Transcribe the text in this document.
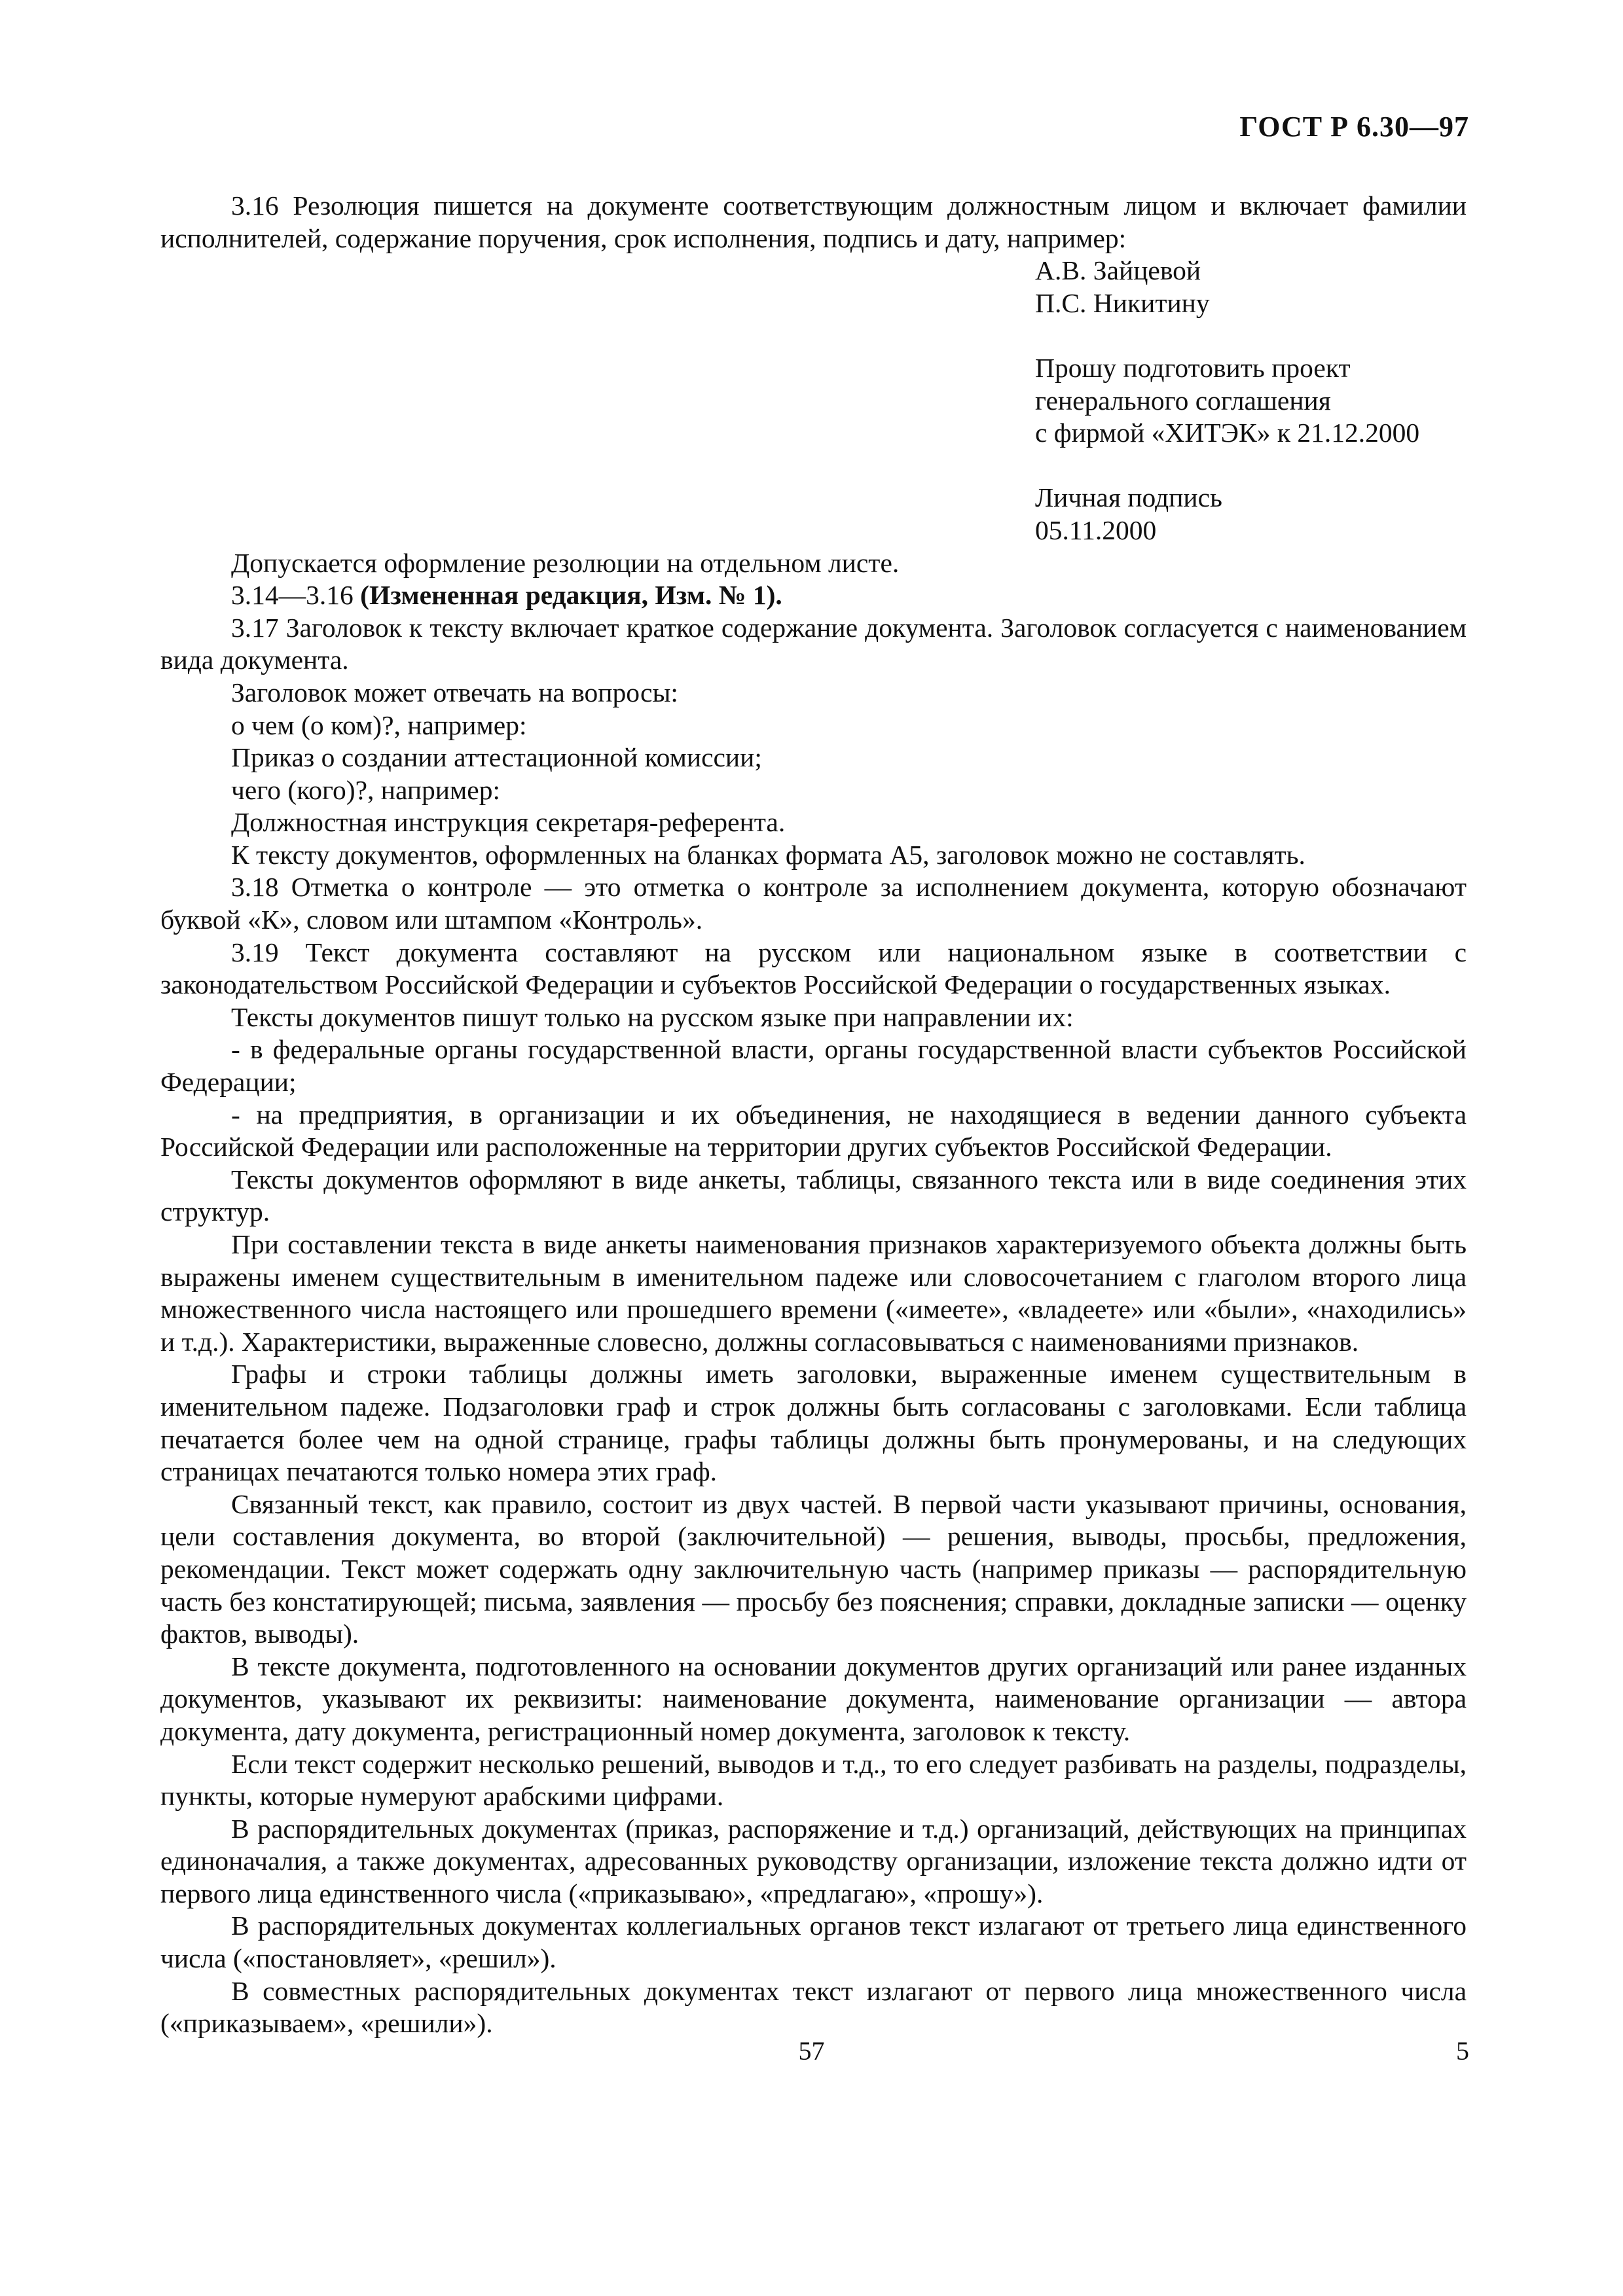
ГОСТ Р 6.30—97

3.16 Резолюция пишется на документе соответствующим должностным лицом и включает фамилии исполнителей, содержание поручения, срок исполнения, подпись и дату, например:

А.В. Зайцевой
П.С. Никитину
Прошу подготовить проект
генерального соглашения
с фирмой «ХИТЭК» к 21.12.2000
Личная подпись
05.11.2000

Допускается оформление резолюции на отдельном листе.

3.14—3.16 (Измененная редакция, Изм. № 1).

3.17 Заголовок к тексту включает краткое содержание документа. Заголовок согласуется с наименованием вида документа.

Заголовок может отвечать на вопросы:

о чем (о ком)?, например:

Приказ о создании аттестационной комиссии;

чего (кого)?, например:

Должностная инструкция секретаря-референта.

К тексту документов, оформленных на бланках формата А5, заголовок можно не составлять.

3.18 Отметка о контроле — это отметка о контроле за исполнением документа, которую обозначают буквой «К», словом или штампом «Контроль».

3.19 Текст документа составляют на русском или национальном языке в соответствии с законодательством Российской Федерации и субъектов Российской Федерации о государственных языках.

Тексты документов пишут только на русском языке при направлении их:

- в федеральные органы государственной власти, органы государственной власти субъектов Российской Федерации;

- на предприятия, в организации и их объединения, не находящиеся в ведении данного субъекта Российской Федерации или расположенные на территории других субъектов Российской Федерации.

Тексты документов оформляют в виде анкеты, таблицы, связанного текста или в виде соединения этих структур.

При составлении текста в виде анкеты наименования признаков характеризуемого объекта должны быть выражены именем существительным в именительном падеже или словосочетанием с глаголом второго лица множественного числа настоящего или прошедшего времени («имеете», «владеете» или «были», «находились» и т.д.). Характеристики, выраженные словесно, должны согласовываться с наименованиями признаков.

Графы и строки таблицы должны иметь заголовки, выраженные именем существительным в именительном падеже. Подзаголовки граф и строк должны быть согласованы с заголовками. Если таблица печатается более чем на одной странице, графы таблицы должны быть пронумерованы, и на следующих страницах печатаются только номера этих граф.

Связанный текст, как правило, состоит из двух частей. В первой части указывают причины, основания, цели составления документа, во второй (заключительной) — решения, выводы, просьбы, предложения, рекомендации. Текст может содержать одну заключительную часть (например приказы — распорядительную часть без констатирующей; письма, заявления — просьбу без пояснения; справки, докладные записки — оценку фактов, выводы).

В тексте документа, подготовленного на основании документов других организаций или ранее изданных документов, указывают их реквизиты: наименование документа, наименование организации — автора документа, дату документа, регистрационный номер документа, заголовок к тексту.

Если текст содержит несколько решений, выводов и т.д., то его следует разбивать на разделы, подразделы, пункты, которые нумеруют арабскими цифрами.

В распорядительных документах (приказ, распоряжение и т.д.) организаций, действующих на принципах единоначалия, а также документах, адресованных руководству организации, изложение текста должно идти от первого лица единственного числа («приказываю», «предлагаю», «прошу»).

В распорядительных документах коллегиальных органов текст излагают от третьего лица единственного числа («постановляет», «решил»).

В совместных распорядительных документах текст излагают от первого лица множественного числа («приказываем», «решили»).

57	5
